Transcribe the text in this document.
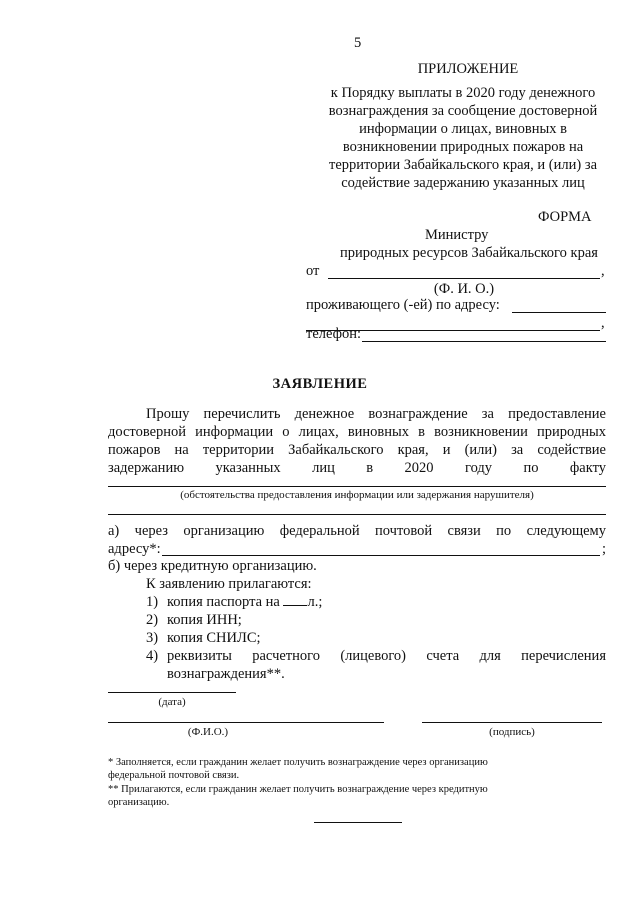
5
ПРИЛОЖЕНИЕ
к Порядку выплаты в 2020 году денежного
вознаграждения за сообщение достоверной
информации о лицах, виновных в
возникновении природных пожаров на
территории Забайкальского края, и (или) за
содействие задержанию указанных лиц
ФОРМА
Министру
природных ресурсов Забайкальского края
от	,
(Ф. И. О.)
проживающего (-ей) по адресу:
,
телефон:
ЗАЯВЛЕНИЕ
Прошу перечислить денежное вознаграждение за предоставление
достоверной информации о лицах, виновных в возникновении природных
пожаров на территории Забайкальского края, и (или) за содействие
задержанию указанных лиц в 2020 году по факту
(обстоятельства предоставления информации или задержания нарушителя)
а) через организацию федеральной почтовой связи по следующему
адресу*:	;
б) через кредитную организацию.
К заявлению прилагаются:
1) копия паспорта на л.;
2) копия ИНН;
3) копия СНИЛС;
4) реквизиты расчетного (лицевого) счета для перечисления
вознаграждения**.
(дата)
(Ф.И.О.)	(подпись)
* Заполняется, если гражданин желает получить вознаграждение через организацию
федеральной почтовой связи.
** Прилагаются, если гражданин желает получить вознаграждение через кредитную
организацию.
